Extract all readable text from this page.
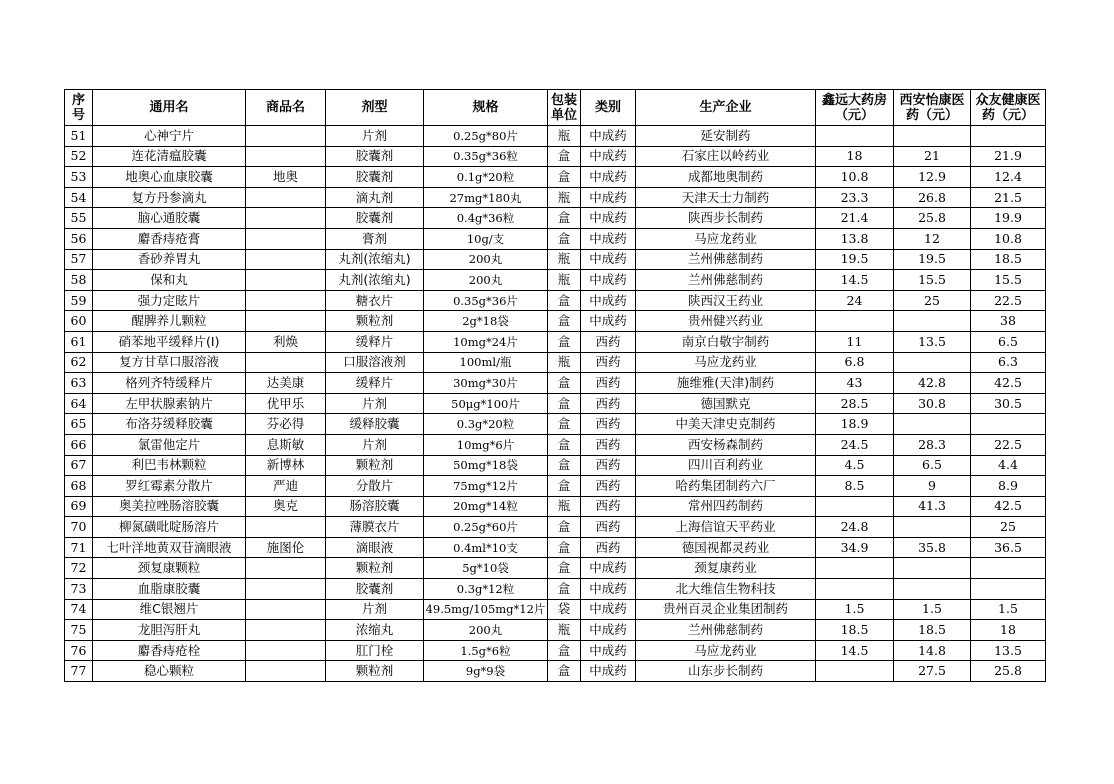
序号	通用名	商品名	剂型	规格	包装单位	类别	生产企业	鑫远大药房（元）	西安怡康医药（元）	众友健康医药（元）
51	心神宁片		片剂	0.25g*80片	瓶	中成药	延安制药			
52	连花清瘟胶囊		胶囊剂	0.35g*36粒	盒	中成药	石家庄以岭药业	18	21	21.9
53	地奥心血康胶囊	地奥	胶囊剂	0.1g*20粒	盒	中成药	成都地奥制药	10.8	12.9	12.4
54	复方丹参滴丸		滴丸剂	27mg*180丸	瓶	中成药	天津天士力制药	23.3	26.8	21.5
55	脑心通胶囊		胶囊剂	0.4g*36粒	盒	中成药	陕西步长制药	21.4	25.8	19.9
56	麝香痔疮膏		膏剂	10g/支	盒	中成药	马应龙药业	13.8	12	10.8
57	香砂养胃丸		丸剂(浓缩丸)	200丸	瓶	中成药	兰州佛慈制药	19.5	19.5	18.5
58	保和丸		丸剂(浓缩丸)	200丸	瓶	中成药	兰州佛慈制药	14.5	15.5	15.5
59	强力定眩片		糖衣片	0.35g*36片	盒	中成药	陕西汉王药业	24	25	22.5
60	醒脾养儿颗粒		颗粒剂	2g*18袋	盒	中成药	贵州健兴药业			38
61	硝苯地平缓释片(Ⅰ)	利焕	缓释片	10mg*24片	盒	西药	南京白敬宇制药	11	13.5	6.5
62	复方甘草口服溶液		口服溶液剂	100ml/瓶	瓶	西药	马应龙药业	6.8		6.3
63	格列齐特缓释片	达美康	缓释片	30mg*30片	盒	西药	施维雅(天津)制药	43	42.8	42.5
64	左甲状腺素钠片	优甲乐	片剂	50μg*100片	盒	西药	德国默克	28.5	30.8	30.5
65	布洛芬缓释胶囊	芬必得	缓释胶囊	0.3g*20粒	盒	西药	中美天津史克制药	18.9		
66	氯雷他定片	息斯敏	片剂	10mg*6片	盒	西药	西安杨森制药	24.5	28.3	22.5
67	利巴韦林颗粒	新博林	颗粒剂	50mg*18袋	盒	西药	四川百利药业	4.5	6.5	4.4
68	罗红霉素分散片	严迪	分散片	75mg*12片	盒	西药	哈药集团制药六厂	8.5	9	8.9
69	奥美拉唑肠溶胶囊	奥克	肠溶胶囊	20mg*14粒	瓶	西药	常州四药制药		41.3	42.5
70	柳氮磺吡啶肠溶片		薄膜衣片	0.25g*60片	盒	西药	上海信谊天平药业	24.8		25
71	七叶洋地黄双苷滴眼液	施图伦	滴眼液	0.4ml*10支	盒	西药	德国视都灵药业	34.9	35.8	36.5
72	颈复康颗粒		颗粒剂	5g*10袋	盒	中成药	颈复康药业			
73	血脂康胶囊		胶囊剂	0.3g*12粒	盒	中成药	北大维信生物科技			
74	维C银翘片		片剂	49.5mg/105mg*12片	袋	中成药	贵州百灵企业集团制药	1.5	1.5	1.5
75	龙胆泻肝丸		浓缩丸	200丸	瓶	中成药	兰州佛慈制药	18.5	18.5	18
76	麝香痔疮栓		肛门栓	1.5g*6粒	盒	中成药	马应龙药业	14.5	14.8	13.5
77	稳心颗粒		颗粒剂	9g*9袋	盒	中成药	山东步长制药		27.5	25.8
